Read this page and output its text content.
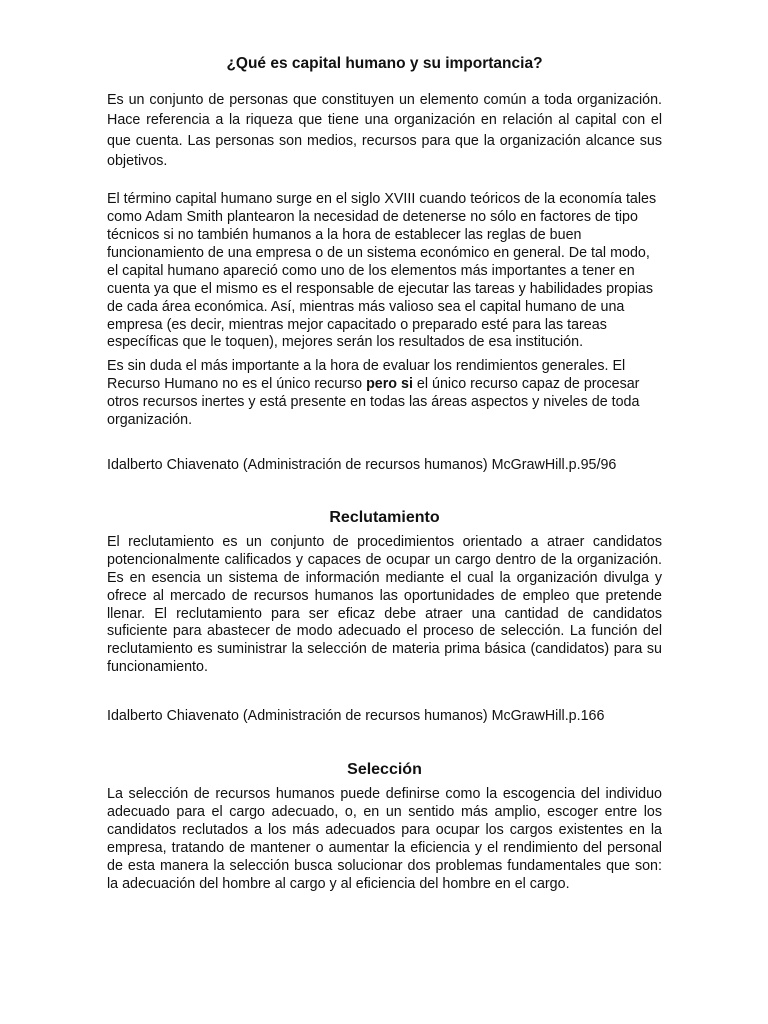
¿Qué es capital humano y su importancia?

Es un conjunto de personas que constituyen un elemento común a toda organización. Hace referencia a la riqueza que tiene una organización en relación al capital con el que cuenta. Las personas son medios, recursos para que la organización alcance sus objetivos.

El término capital humano surge en el siglo XVIII cuando teóricos de la economía tales como Adam Smith plantearon la necesidad de detenerse no sólo en factores de tipo técnicos si no también humanos a la hora de establecer las reglas de buen funcionamiento de una empresa o de un sistema económico en general. De tal modo, el capital humano apareció como uno de los elementos más importantes a tener en cuenta ya que el mismo es el responsable de ejecutar las tareas y habilidades propias de cada área económica. Así, mientras más valioso sea el capital humano de una empresa (es decir, mientras mejor capacitado o preparado esté para las tareas específicas que le toquen), mejores serán los resultados de esa institución.

Es sin duda el más importante a la hora de evaluar los rendimientos generales. El Recurso Humano no es el único recurso pero si el único recurso capaz de procesar otros recursos inertes y está presente en todas las áreas aspectos y niveles de toda organización.

Idalberto Chiavenato (Administración de recursos humanos) McGrawHill.p.95/96

Reclutamiento

El reclutamiento es un conjunto de procedimientos orientado a atraer candidatos potencionalmente calificados y capaces de ocupar un cargo dentro de la organización. Es en esencia un sistema de información mediante el cual la organización divulga y ofrece al mercado de recursos humanos las oportunidades de empleo que pretende llenar. El reclutamiento para ser eficaz debe atraer una cantidad de candidatos suficiente para abastecer de modo adecuado el proceso de selección. La función del reclutamiento es suministrar la selección de materia prima básica (candidatos) para su funcionamiento.

Idalberto Chiavenato (Administración de recursos humanos) McGrawHill.p.166

Selección

La selección de recursos humanos puede definirse como la escogencia del individuo adecuado para el cargo adecuado, o, en un sentido más amplio, escoger entre los candidatos reclutados a los más adecuados para ocupar los cargos existentes en la empresa, tratando de mantener o aumentar la eficiencia y el rendimiento del personal de esta manera la selección busca solucionar dos problemas fundamentales que son: la adecuación del hombre al cargo y al eficiencia del hombre en el cargo.
